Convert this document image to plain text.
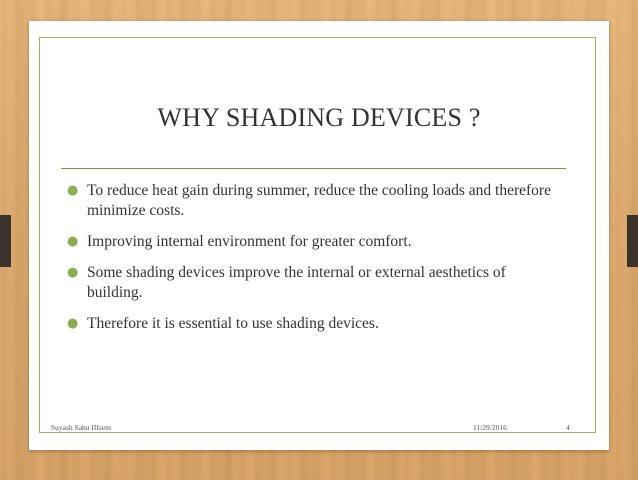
WHY SHADING DEVICES ?
● To reduce heat gain during summer, reduce the cooling loads and therefore minimize costs.
● Improving internal environment for greater comfort.
● Some shading devices improve the internal or external aesthetics of building.
● Therefore it is essential to use shading devices.
Suyash Sahu IIIsem	11/29/2016	4
